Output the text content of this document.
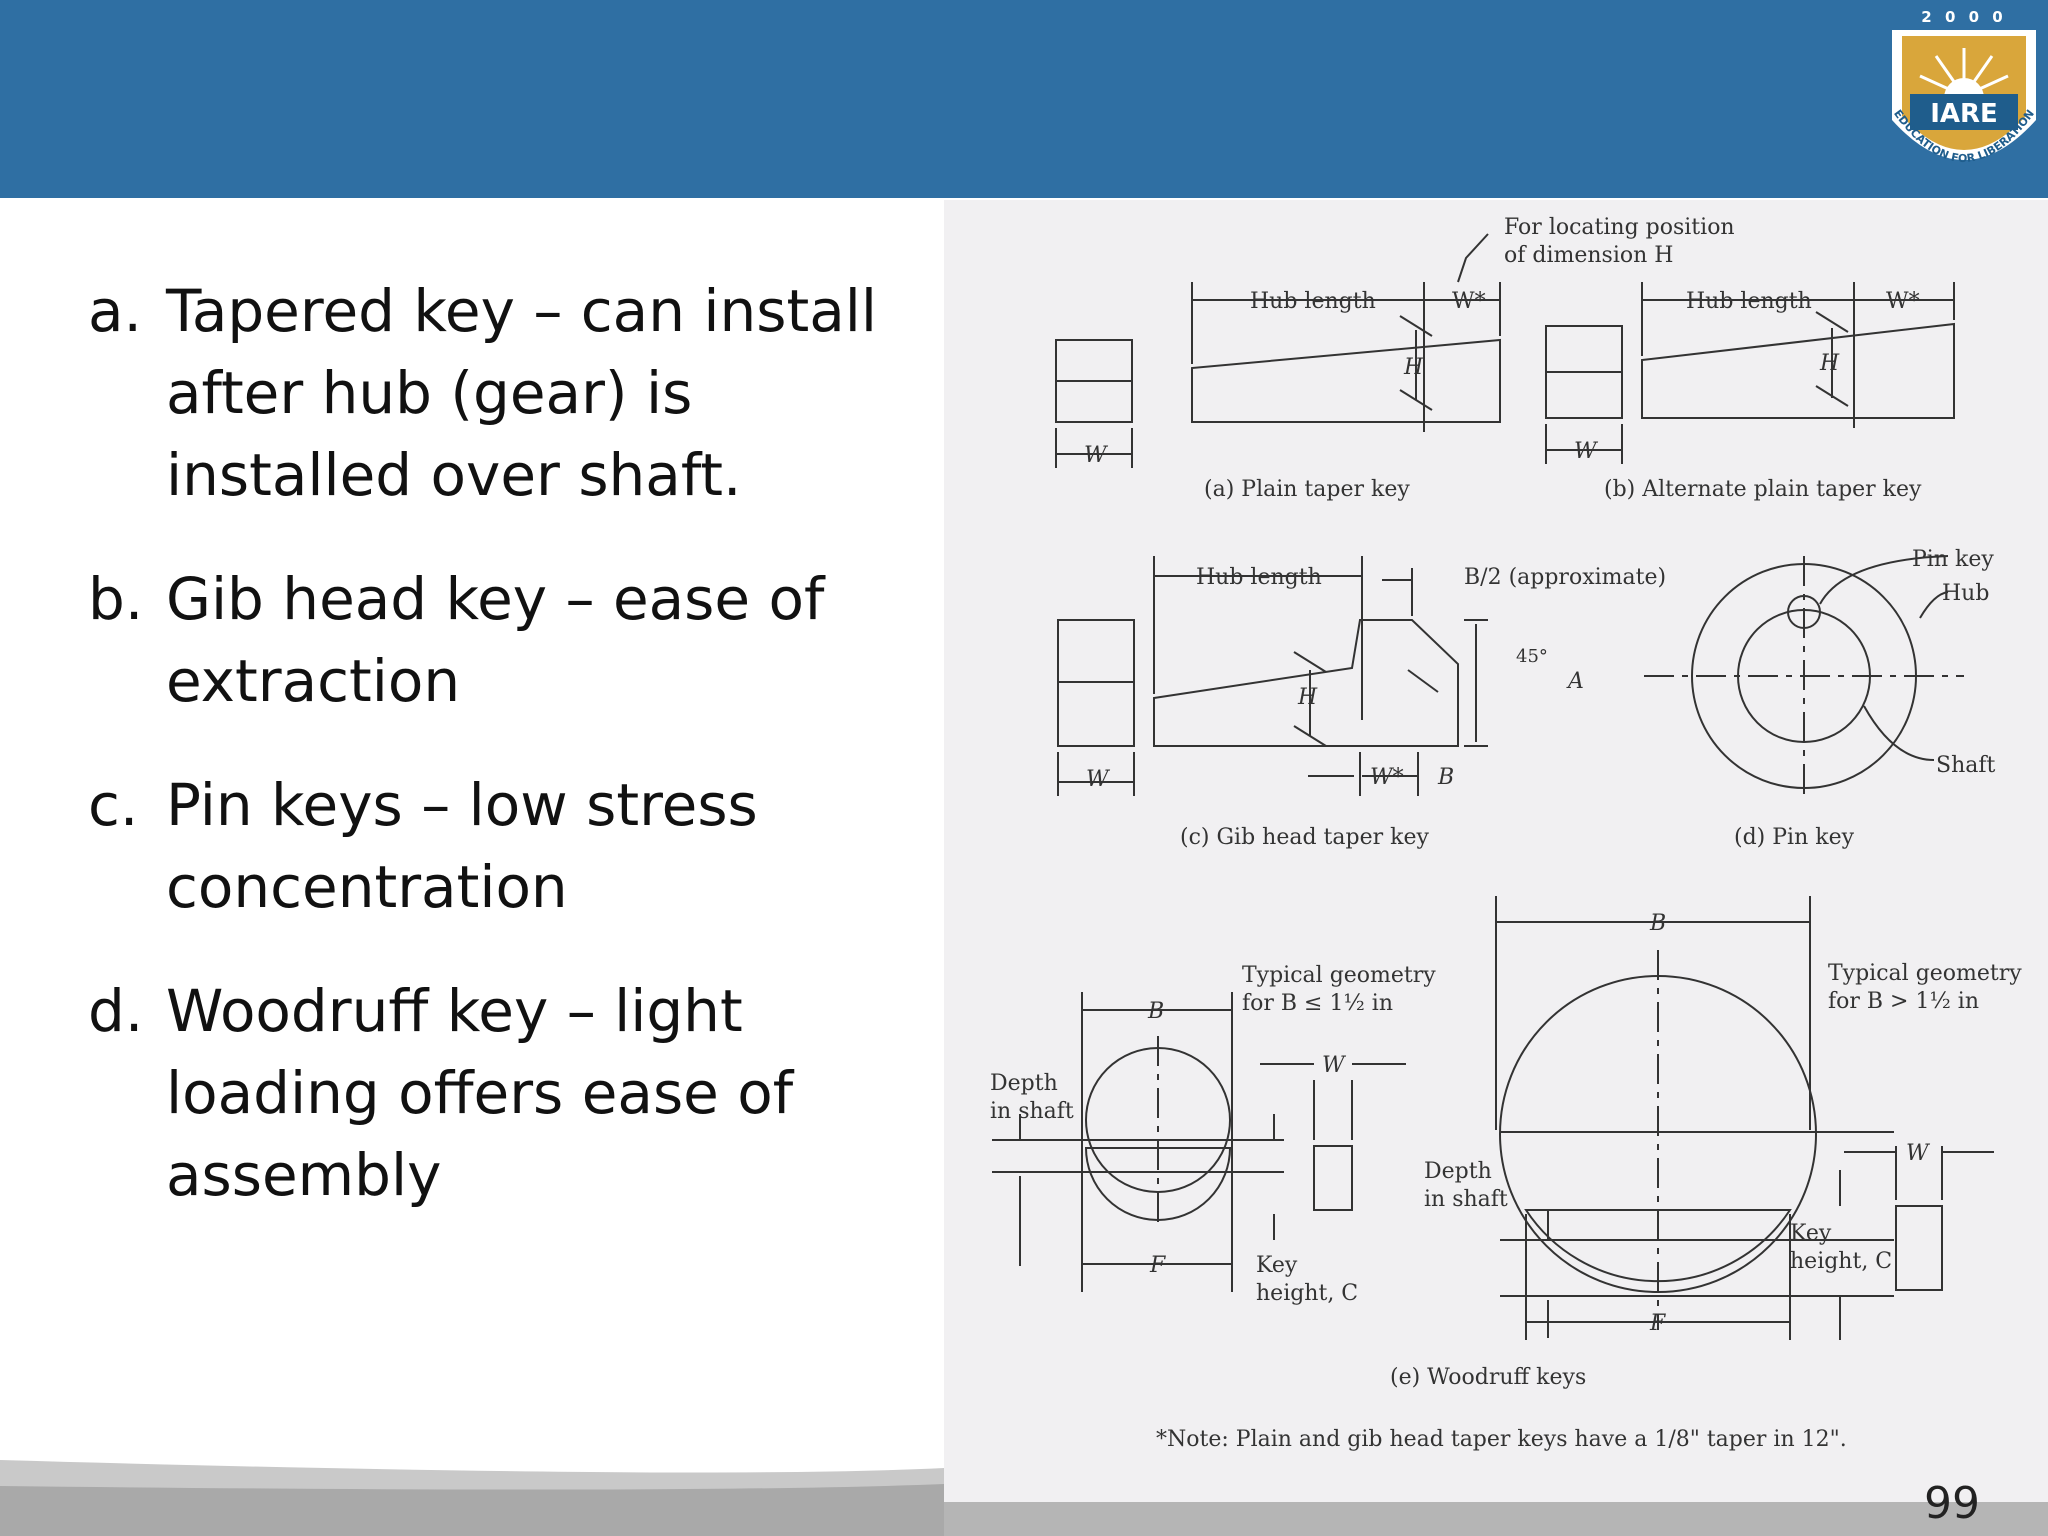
2 0 0 0
IARE
EDUCATION FOR LIBERATION
a. Tapered key – can install after hub (gear) is installed over shaft.
b. Gib head key – ease of extraction
c. Pin keys – low stress concentration
d. Woodruff key – light loading offers ease of assembly
For locating position
of dimension H
Hub length	W*
H
W
(a) Plain taper key
Hub length	W*
H
W
(b) Alternate plain taper key
Hub length	B/2 (approximate)
45°
A
H
W	W* B
(c) Gib head taper key
Pin key
Hub
Shaft
(d) Pin key
Typical geometry
for B ≤ 1½ in
Typical geometry
for B > 1½ in
B
B
W
W
Depth
in shaft
Depth
in shaft
Key
height, C
Key
height, C
F
F
(e) Woodruff keys
*Note: Plain and gib head taper keys have a 1/8" taper in 12".
99
